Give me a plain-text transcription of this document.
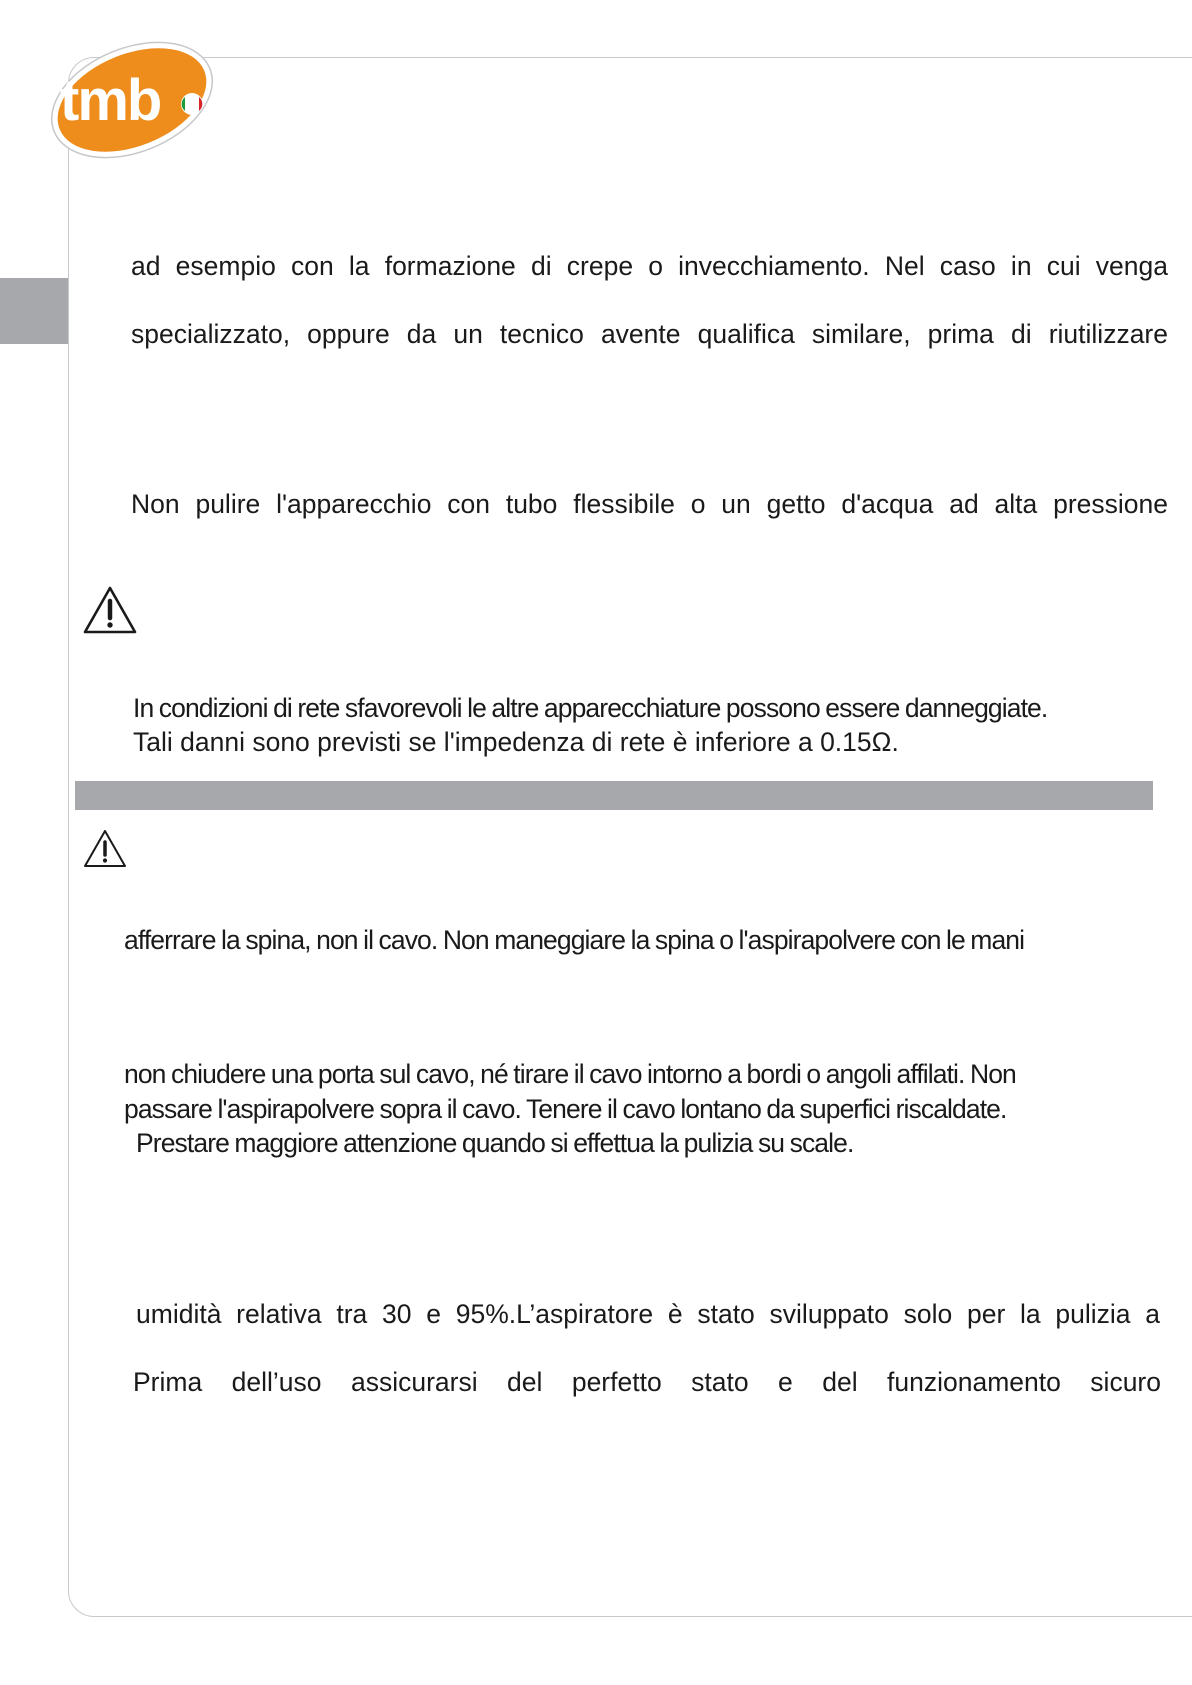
tmb
ad esempio con la formazione di crepe o invecchiamento. Nel caso in cui venga
specializzato, oppure da un tecnico avente qualifica similare, prima di riutilizzare
Non pulire l'apparecchio con tubo flessibile o un getto d'acqua ad alta pressione
In condizioni di rete sfavorevoli le altre apparecchiature possono essere danneggiate.
Tali danni sono previsti se l'impedenza di rete è inferiore a 0.15Ω.
afferrare la spina, non il cavo. Non maneggiare la spina o l'aspirapolvere con le mani
non chiudere una porta sul cavo, né tirare il cavo intorno a bordi o angoli affilati. Non
passare l'aspirapolvere sopra il cavo. Tenere il cavo lontano da superfici riscaldate.
Prestare maggiore attenzione quando si effettua la pulizia su scale.
umidità relativa tra 30 e 95%.L’aspiratore è stato sviluppato solo per la pulizia a
Prima dell’uso assicurarsi del perfetto stato e del funzionamento sicuro
